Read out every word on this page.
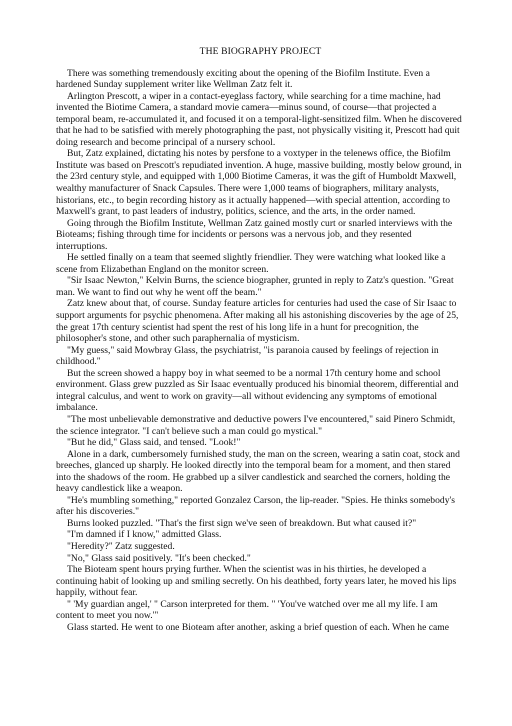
THE BIOGRAPHY PROJECT

There was something tremendously exciting about the opening of the Biofilm Institute. Even a hardened Sunday supplement writer like Wellman Zatz felt it.

Arlington Prescott, a wiper in a contact-eyeglass factory, while searching for a time machine, had invented the Biotime Camera, a standard movie camera—minus sound, of course—that projected a temporal beam, re-accumulated it, and focused it on a temporal-light-sensitized film. When he discovered that he had to be satisfied with merely photographing the past, not physically visiting it, Prescott had quit doing research and become principal of a nursery school.

But, Zatz explained, dictating his notes by persfone to a voxtyper in the telenews office, the Biofilm Institute was based on Prescott's repudiated invention. A huge, massive building, mostly below ground, in the 23rd century style, and equipped with 1,000 Biotime Cameras, it was the gift of Humboldt Maxwell, wealthy manufacturer of Snack Capsules. There were 1,000 teams of biographers, military analysts, historians, etc., to begin recording history as it actually happened—with special attention, according to Maxwell's grant, to past leaders of industry, politics, science, and the arts, in the order named.

Going through the Biofilm Institute, Wellman Zatz gained mostly curt or snarled interviews with the Bioteams; fishing through time for incidents or persons was a nervous job, and they resented interruptions.

He settled finally on a team that seemed slightly friendlier. They were watching what looked like a scene from Elizabethan England on the monitor screen.

"Sir Isaac Newton," Kelvin Burns, the science biographer, grunted in reply to Zatz's question. "Great man. We want to find out why he went off the beam."

Zatz knew about that, of course. Sunday feature articles for centuries had used the case of Sir Isaac to support arguments for psychic phenomena. After making all his astonishing discoveries by the age of 25, the great 17th century scientist had spent the rest of his long life in a hunt for precognition, the philosopher's stone, and other such paraphernalia of mysticism.

"My guess," said Mowbray Glass, the psychiatrist, "is paranoia caused by feelings of rejection in childhood."

But the screen showed a happy boy in what seemed to be a normal 17th century home and school environment. Glass grew puzzled as Sir Isaac eventually produced his binomial theorem, differential and integral calculus, and went to work on gravity—all without evidencing any symptoms of emotional imbalance.

"The most unbelievable demonstrative and deductive powers I've encountered," said Pinero Schmidt, the science integrator. "I can't believe such a man could go mystical."

"But he did," Glass said, and tensed. "Look!"

Alone in a dark, cumbersomely furnished study, the man on the screen, wearing a satin coat, stock and breeches, glanced up sharply. He looked directly into the temporal beam for a moment, and then stared into the shadows of the room. He grabbed up a silver candlestick and searched the corners, holding the heavy candlestick like a weapon.

"He's mumbling something," reported Gonzalez Carson, the lip-reader. "Spies. He thinks somebody's after his discoveries."

Burns looked puzzled. "That's the first sign we've seen of breakdown. But what caused it?"

"I'm damned if I know," admitted Glass.

"Heredity?" Zatz suggested.

"No," Glass said positively. "It's been checked."

The Bioteam spent hours prying further. When the scientist was in his thirties, he developed a continuing habit of looking up and smiling secretly. On his deathbed, forty years later, he moved his lips happily, without fear.

" 'My guardian angel,' " Carson interpreted for them. " 'You've watched over me all my life. I am content to meet you now.'"

Glass started. He went to one Bioteam after another, asking a brief question of each. When he came
